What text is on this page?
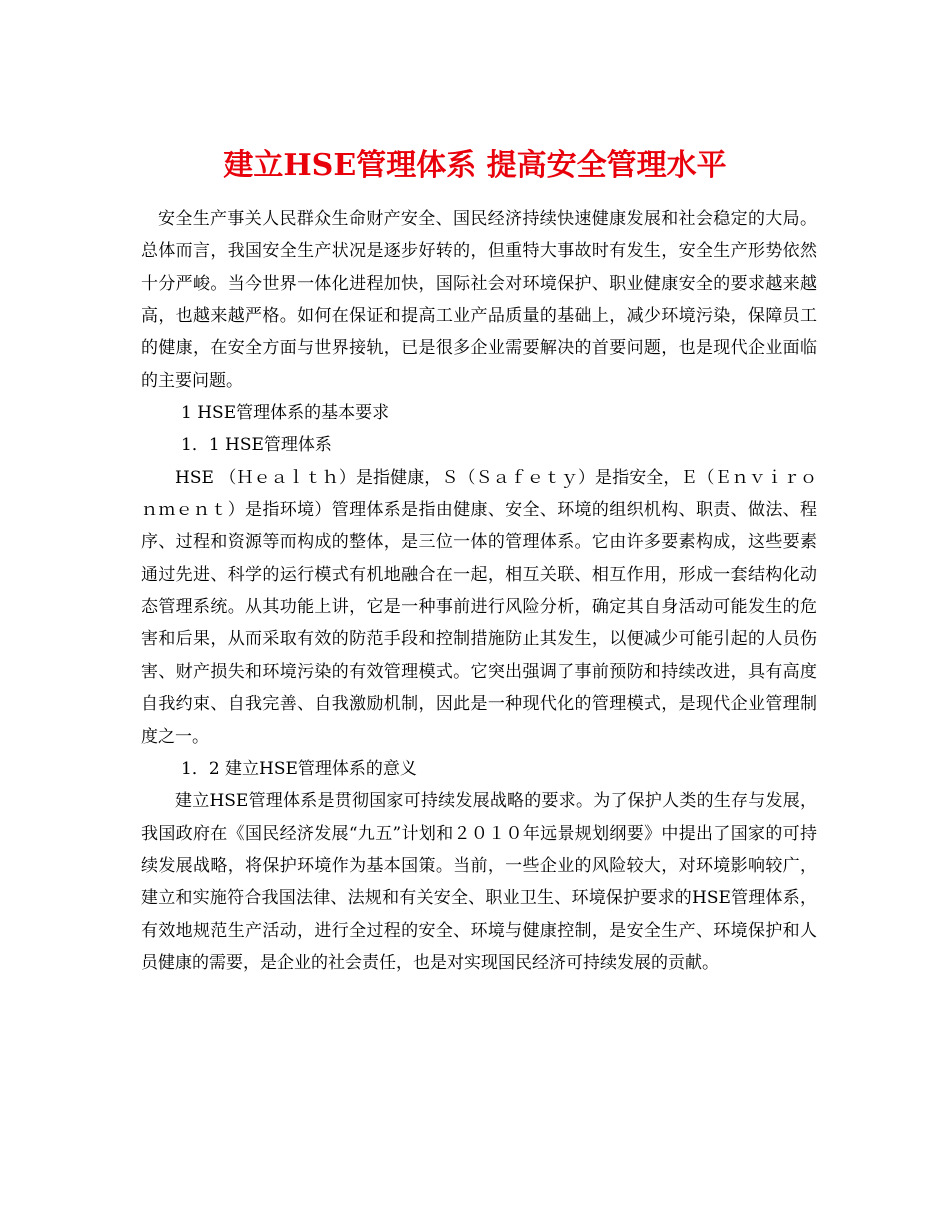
建立HSE管理体系 提高安全管理水平

安全生产事关人民群众生命财产安全、国民经济持续快速健康发展和社会稳定的大局。总体而言，我国安全生产状况是逐步好转的，但重特大事故时有发生，安全生产形势依然十分严峻。当今世界一体化进程加快，国际社会对环境保护、职业健康安全的要求越来越高，也越来越严格。如何在保证和提高工业产品质量的基础上，减少环境污染，保障员工的健康，在安全方面与世界接轨，已是很多企业需要解决的首要问题，也是现代企业面临的主要问题。

1 HSE管理体系的基本要求

1．1 HSE管理体系

HSE （Ｈｅａｌｔｈ）是指健康，Ｓ（Ｓａｆｅｔｙ）是指安全，Ｅ（Ｅｎｖｉｒｏｎｍｅｎｔ）是指环境）管理体系是指由健康、安全、环境的组织机构、职责、做法、程序、过程和资源等而构成的整体，是三位一体的管理体系。它由许多要素构成，这些要素通过先进、科学的运行模式有机地融合在一起，相互关联、相互作用，形成一套结构化动态管理系统。从其功能上讲，它是一种事前进行风险分析，确定其自身活动可能发生的危害和后果，从而采取有效的防范手段和控制措施防止其发生，以便减少可能引起的人员伤害、财产损失和环境污染的有效管理模式。它突出强调了事前预防和持续改进，具有高度自我约束、自我完善、自我激励机制，因此是一种现代化的管理模式，是现代企业管理制度之一。

1．2 建立HSE管理体系的意义

建立HSE管理体系是贯彻国家可持续发展战略的要求。为了保护人类的生存与发展，我国政府在《国民经济发展“九五”计划和２０１０年远景规划纲要》中提出了国家的可持续发展战略，将保护环境作为基本国策。当前，一些企业的风险较大，对环境影响较广，建立和实施符合我国法律、法规和有关安全、职业卫生、环境保护要求的HSE管理体系，有效地规范生产活动，进行全过程的安全、环境与健康控制，是安全生产、环境保护和人员健康的需要，是企业的社会责任，也是对实现国民经济可持续发展的贡献。
